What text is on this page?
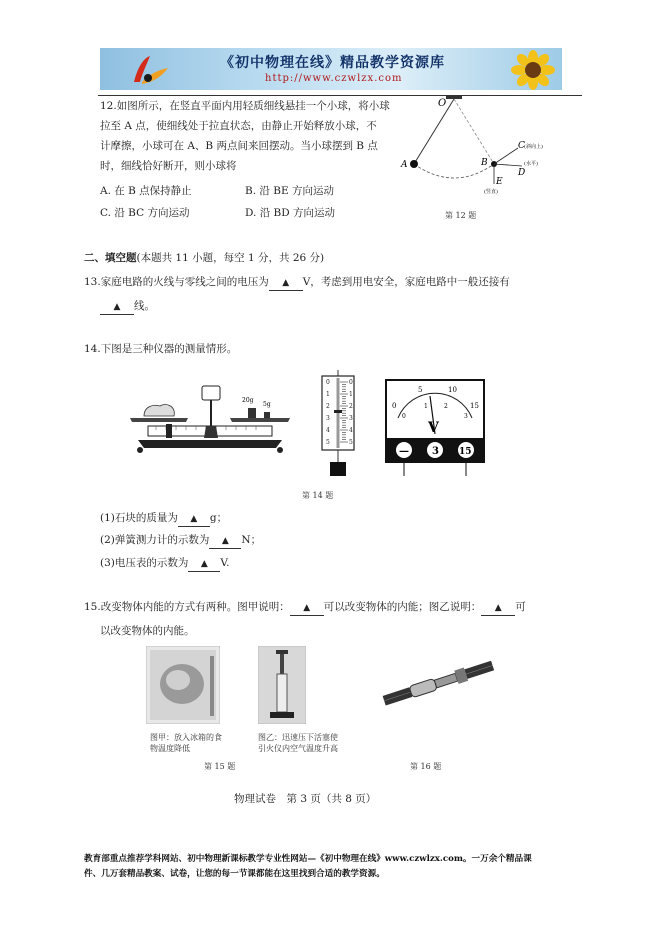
《初中物理在线》精品教学资源库
http://www.czwlzx.com
12.如图所示，在竖直平面内用轻质细线悬挂一个小球，将小球
拉至 A 点，使细线处于拉直状态，由静止开始释放小球，不
计摩擦，小球可在 A、B 两点间来回摆动。当小球摆到 B 点
时，细线恰好断开，则小球将
A. 在 B 点保持静止	B. 沿 BE 方向运动
C. 沿 BC 方向运动	D. 沿 BD 方向运动
O
A	B
C (斜向上)
D
(水平)
E
(竖直)
第 12 题
二、填空题(本题共 11 小题，每空 1 分，共 26 分)
13.家庭电路的火线与零线之间的电压为 ▲ V，考虑到用电安全，家庭电路中一般还接有
▲ 线。
14.下图是三种仪器的测量情形。
20g
5g
0	0
1	1
2	2
3	3
4	4
5	5
0
5	10
15
0
1	2
3
V
— 3 15
第 14 题
(1)石块的质量为 ▲ g；
(2)弹簧测力计的示数为 ▲ N；
(3)电压表的示数为 ▲ V.
15.改变物体内能的方式有两种。图甲说明： ▲ 可以改变物体的内能；图乙说明： ▲ 可
以改变物体的内能。
图甲：放入冰箱的食
物温度降低
图乙：迅速压下活塞使
引火仪内空气温度升高
第 15 题	第 16 题
物理试卷　第 3 页（共 8 页）
教育部重点推荐学科网站、初中物理新课标教学专业性网站—《初中物理在线》www.czwlzx.com。一万余个精品课
件、几万套精品教案、试卷，让您的每一节课都能在这里找到合适的教学资源。
